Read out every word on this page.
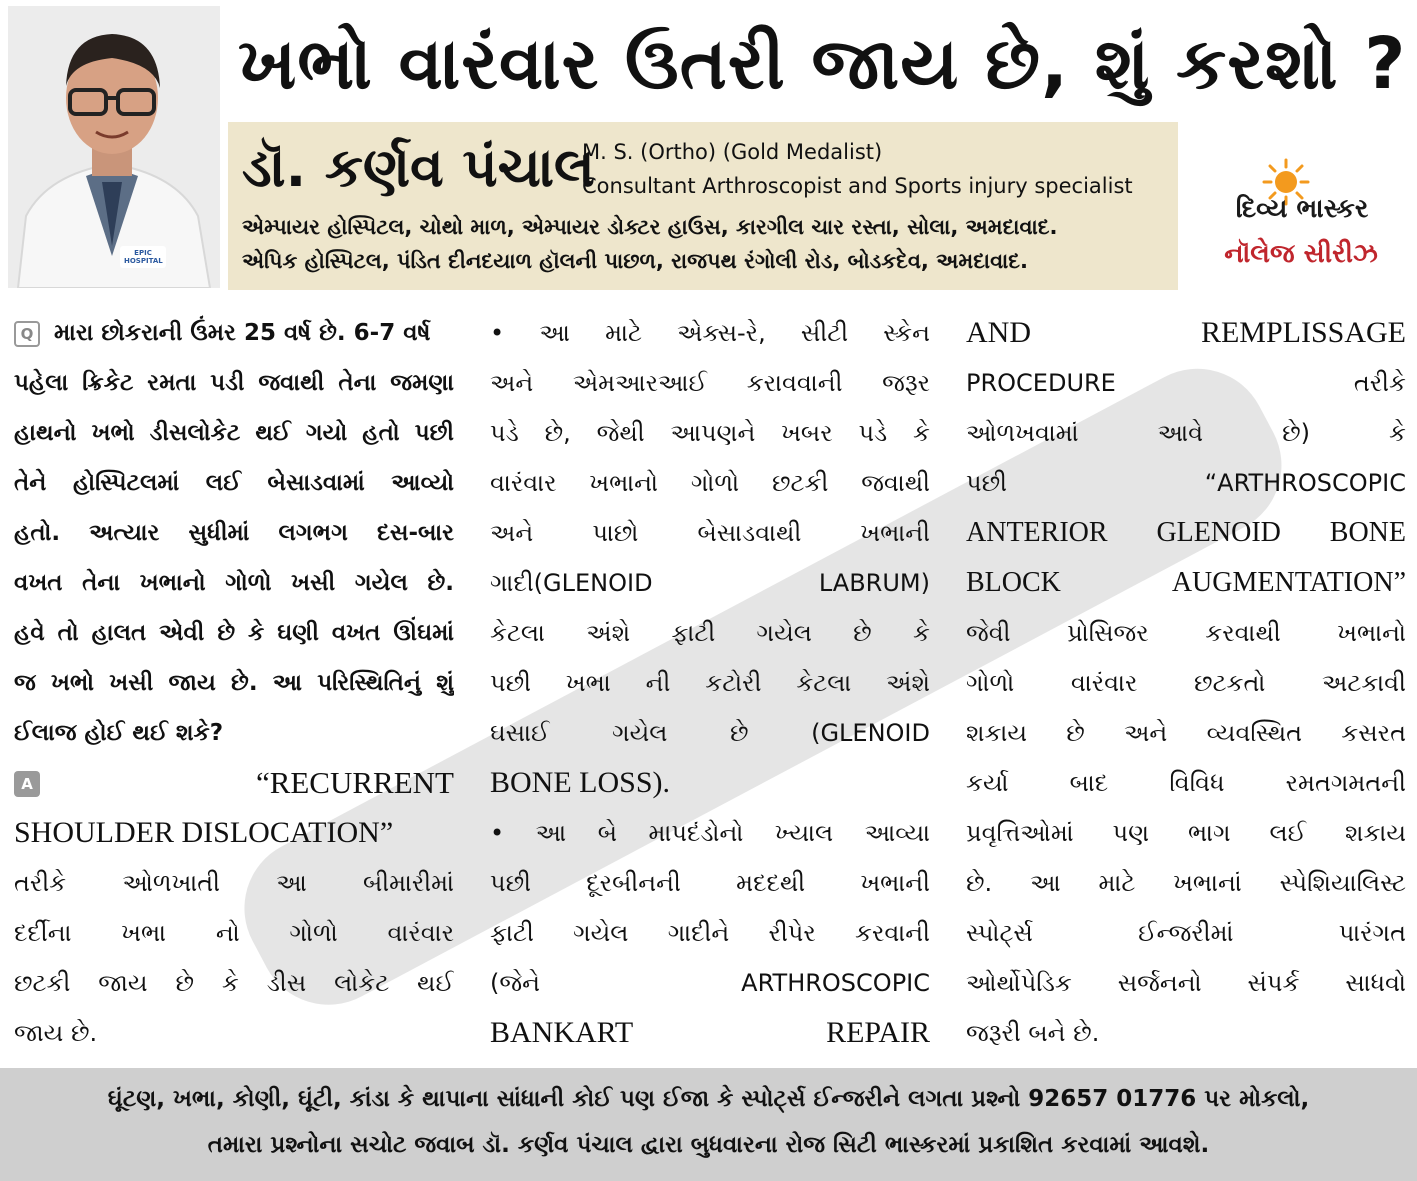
EPIC HOSPITAL
ખભો વારંવાર ઉતરી જાય છે, શું કરશો ?
ડૉ. કર્ણવ પંચાલ
M. S. (Ortho) (Gold Medalist)
Consultant Arthroscopist and Sports injury specialist
એમ્પાયર હોસ્પિટલ, ચોથો માળ, એમ્પાયર ડોક્ટર હાઉસ, કારગીલ ચાર રસ્તા, સોલા, અમદાવાદ.
એપિક હોસ્પિટલ, પંડિત દીનદયાળ હૉલની પાછળ, રાજપથ રંગોલી રોડ, બોડકદેવ, અમદાવાદ.
દિવ્ય ભાસ્કર
નૉલેજ સીરીઝ
Q મારા છોકરાની ઉંમર 25 વર્ષ છે. 6-7 વર્ષ
પહેલા ક્રિકેટ રમતા પડી જવાથી તેના જમણા
હાથનો ખભો ડીસલોકેટ થઈ ગયો હતો પછી
તેને હોસ્પિટલમાં લઈ બેસાડવામાં આવ્યો
હતો. અત્યાર સુધીમાં લગભગ દસ-બાર
વખત તેના ખભાનો ગોળો ખસી ગયેલ છે.
હવે તો હાલત એવી છે કે ઘણી વખત ઊંઘમાં
જ ખભો ખસી જાય છે. આ પરિસ્થિતિનું શું
ઈલાજ હોઈ થઈ શકે?
A	“RECURRENT
SHOULDER DISLOCATION”
તરીકે ઓળખાતી આ બીમારીમાં
દર્દીના ખભા નો ગોળો વારંવાર
છટકી જાય છે કે ડીસ લોકેટ થઈ
જાય છે.
• આ માટે એક્સ-રે, સીટી સ્કેન
અને એમઆરઆઈ કરાવવાની જરૂર
પડે છે, જેથી આપણને ખબર પડે કે
વારંવાર ખભાનો ગોળો છટકી જવાથી
અને પાછો બેસાડવાથી ખભાની
ગાદી(GLENOID LABRUM)
કેટલા અંશે ફાટી ગયેલ છે કે
પછી ખભા ની કટોરી કેટલા અંશે
ઘસાઈ ગયેલ છે (GLENOID
BONE LOSS).
• આ બે માપદંડોનો ખ્યાલ આવ્યા
પછી દૂરબીનની મદદથી ખભાની
ફાટી ગયેલ ગાદીને રીપેર કરવાની
(જેને ARTHROSCOPIC
BANKART REPAIR
AND REMPLISSAGE
PROCEDURE તરીકે
ઓળખવામાં આવે છે) કે
પછી “ARTHROSCOPIC
ANTERIOR GLENOID BONE
BLOCK AUGMENTATION”
જેવી પ્રોસિજર કરવાથી ખભાનો
ગોળો વારંવાર છટકતો અટકાવી
શકાય છે અને વ્યવસ્થિત કસરત
કર્યા બાદ વિવિધ રમતગમતની
પ્રવૃત્તિઓમાં પણ ભાગ લઈ શકાય
છે. આ માટે ખભાનાં સ્પેશિયાલિસ્ટ
સ્પોર્ટ્સ ઈન્જરીમાં પારંગત
ઓર્થોપેડિક સર્જનનો સંપર્ક સાધવો
જરૂરી બને છે.
ઘૂંટણ, ખભા, કોણી, ઘૂંટી, કાંડા કે થાપાના સાંધાની કોઈ પણ ઈજા કે સ્પોર્ટ્સ ઈન્જરીને લગતા પ્રશ્નો 92657 01776 પર મોકલો,
તમારા પ્રશ્નોના સચોટ જવાબ ડૉ. કર્ણવ પંચાલ દ્વારા બુધવારના રોજ સિટી ભાસ્કરમાં પ્રકાશિત કરવામાં આવશે.
